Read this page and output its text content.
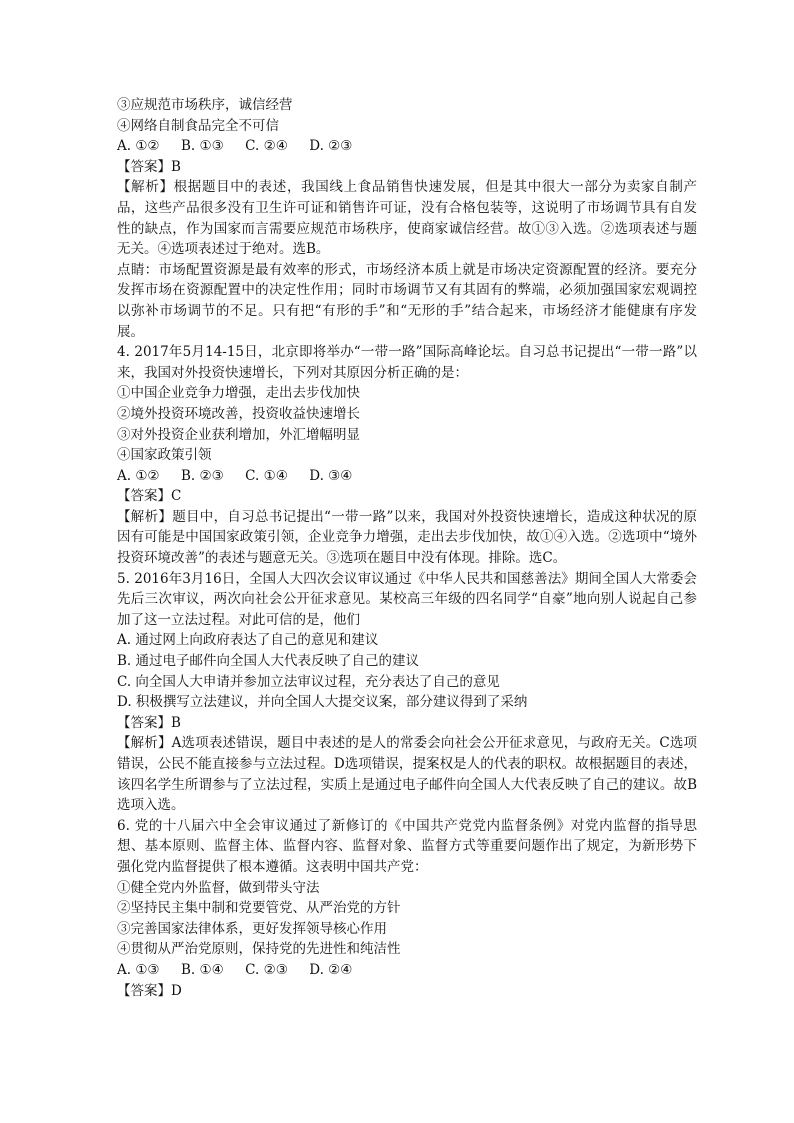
③应规范市场秩序，诚信经营
④网络自制食品完全不可信
A. ①②     B. ①③     C. ②④     D. ②③
【答案】B
【解析】根据题目中的表述，我国线上食品销售快速发展，但是其中很大一部分为卖家自制产品，这些产品很多没有卫生许可证和销售许可证，没有合格包装等，这说明了市场调节具有自发性的缺点，作为国家而言需要应规范市场秩序，使商家诚信经营。故①③入选。②选项表述与题无关。④选项表述过于绝对。选B。
点睛：市场配置资源是最有效率的形式，市场经济本质上就是市场决定资源配置的经济。要充分发挥市场在资源配置中的决定性作用；同时市场调节又有其固有的弊端，必须加强国家宏观调控以弥补市场调节的不足。只有把“有形的手”和“无形的手”结合起来，市场经济才能健康有序发展。
4. 2017年5月14-15日，北京即将举办“一带一路”国际高峰论坛。自习总书记提出“一带一路”以来，我国对外投资快速增长，下列对其原因分析正确的是：
①中国企业竞争力增强，走出去步伐加快
②境外投资环境改善，投资收益快速增长
③对外投资企业获利增加，外汇增幅明显
④国家政策引领
A. ①②     B. ②③     C. ①④     D. ③④
【答案】C
【解析】题目中，自习总书记提出“一带一路”以来，我国对外投资快速增长，造成这种状况的原因有可能是中国国家政策引领，企业竞争力增强，走出去步伐加快，故①④入选。②选项中“境外投资环境改善”的表述与题意无关。③选项在题目中没有体现。排除。选C。
5. 2016年3月16日，全国人大四次会议审议通过《中华人民共和国慈善法》期间全国人大常委会先后三次审议，两次向社会公开征求意见。某校高三年级的四名同学“自豪”地向别人说起自己参加了这一立法过程。对此可信的是，他们
A. 通过网上向政府表达了自己的意见和建议
B. 通过电子邮件向全国人大代表反映了自己的建议
C. 向全国人大申请并参加立法审议过程，充分表达了自己的意见
D. 积极撰写立法建议，并向全国人大提交议案，部分建议得到了采纳
【答案】B
【解析】A选项表述错误，题目中表述的是人的常委会向社会公开征求意见，与政府无关。C选项错误，公民不能直接参与立法过程。D选项错误，提案权是人的代表的职权。故根据题目的表述，该四名学生所谓参与了立法过程，实质上是通过电子邮件向全国人大代表反映了自己的建议。故B选项入选。
6. 党的十八届六中全会审议通过了新修订的《中国共产党党内监督条例》对党内监督的指导思想、基本原则、监督主体、监督内容、监督对象、监督方式等重要问题作出了规定，为新形势下强化党内监督提供了根本遵循。这表明中国共产党：
①健全党内外监督，做到带头守法
②坚持民主集中制和党要管党、从严治党的方针
③完善国家法律体系，更好发挥领导核心作用
④贯彻从严治党原则，保持党的先进性和纯洁性
A. ①③     B. ①④     C. ②③     D. ②④
【答案】D
